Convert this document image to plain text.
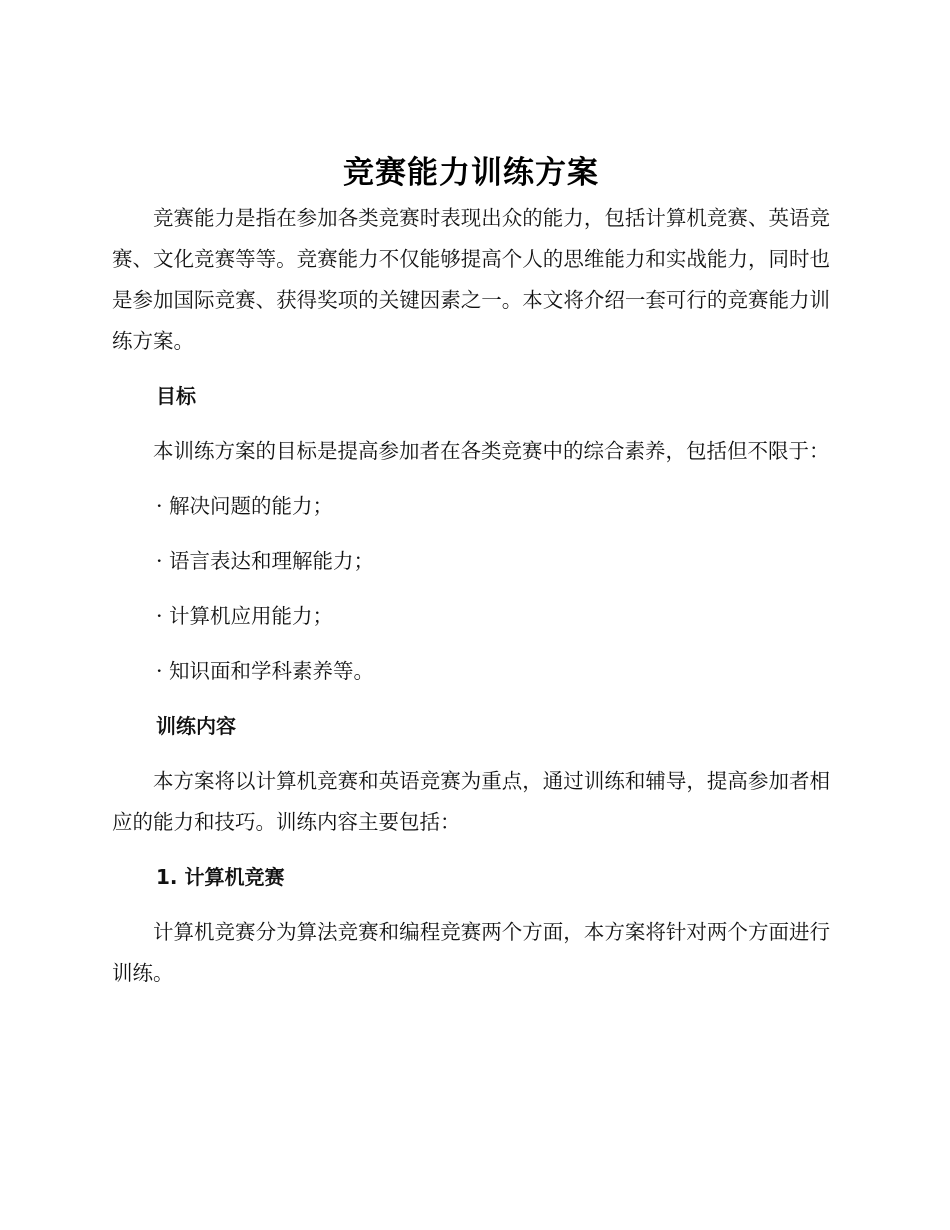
竞赛能力训练方案

竞赛能力是指在参加各类竞赛时表现出众的能力，包括计算机竞赛、英语竞赛、文化竞赛等等。竞赛能力不仅能够提高个人的思维能力和实战能力，同时也是参加国际竞赛、获得奖项的关键因素之一。本文将介绍一套可行的竞赛能力训练方案。

目标

本训练方案的目标是提高参加者在各类竞赛中的综合素养，包括但不限于：

· 解决问题的能力；
· 语言表达和理解能力；
· 计算机应用能力；
· 知识面和学科素养等。
训练内容

本方案将以计算机竞赛和英语竞赛为重点，通过训练和辅导，提高参加者相应的能力和技巧。训练内容主要包括：

1. 计算机竞赛

计算机竞赛分为算法竞赛和编程竞赛两个方面，本方案将针对两个方面进行训练。
